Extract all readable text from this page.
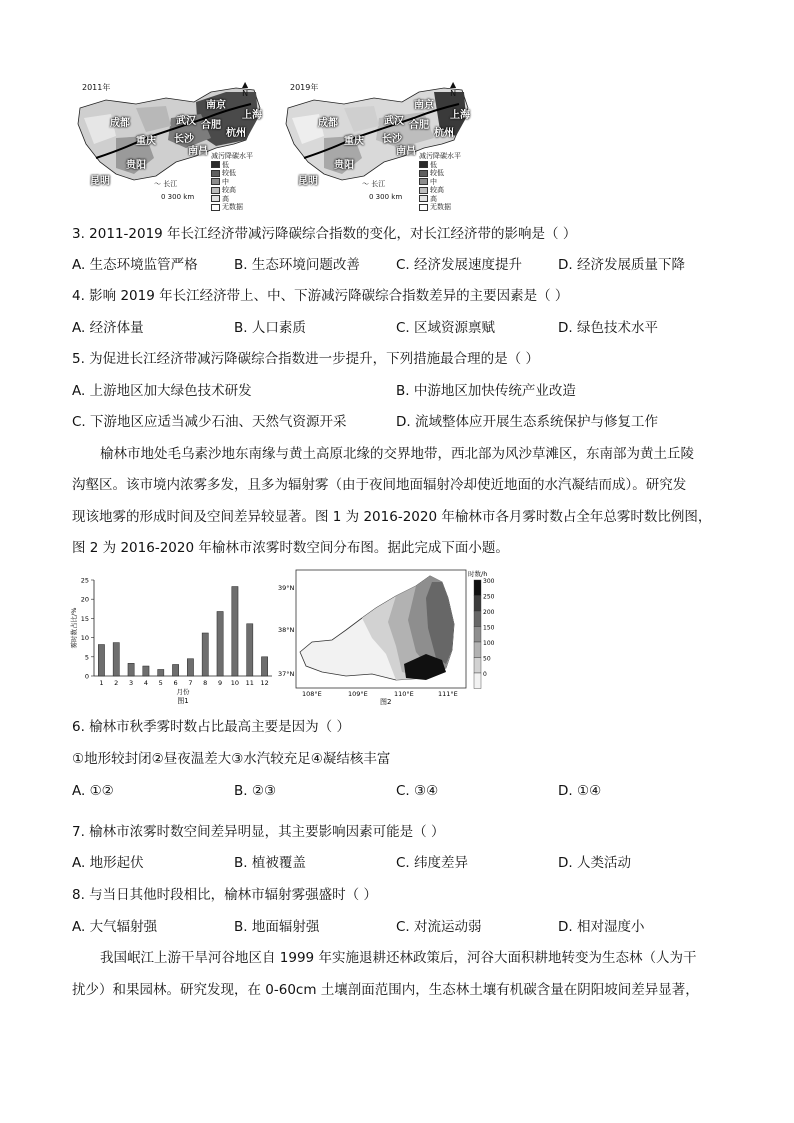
2011年	▲
N
南京
上海
成都	武汉 合肥
重庆 长沙
杭州
南昌
贵阳
昆明
减污降碳水平
低
较低
中
较高
高
无数据
〜 长江
0 300 km
2019年	▲
N
南京
上海
成都	武汉 合肥
重庆 长沙
杭州
南昌
贵阳
昆明
减污降碳水平
低
较低
中
较高
高
无数据
〜 长江
0 300 km
3. 2011-2019 年长江经济带减污降碳综合指数的变化，对长江经济带的影响是（ ）
A. 生态环境监管严格	B. 生态环境问题改善	C. 经济发展速度提升	D. 经济发展质量下降
4. 影响 2019 年长江经济带上、中、下游减污降碳综合指数差异的主要因素是（ ）
A. 经济体量	B. 人口素质	C. 区域资源禀赋	D. 绿色技术水平
5. 为促进长江经济带减污降碳综合指数进一步提升，下列措施最合理的是（ ）
A. 上游地区加大绿色技术研发	B. 中游地区加快传统产业改造
C. 下游地区应适当减少石油、天然气资源开采	D. 流域整体应开展生态系统保护与修复工作
榆林市地处毛乌素沙地东南缘与黄土高原北缘的交界地带，西北部为风沙草滩区，东南部为黄土丘陵
沟壑区。该市境内浓雾多发，且多为辐射雾（由于夜间地面辐射冷却使近地面的水汽凝结而成）。研究发
现该地雾的形成时间及空间差异较显著。图 1 为 2016-2020 年榆林市各月雾时数占全年总雾时数比例图，
图 2 为 2016-2020 年榆林市浓雾时数空间分布图。据此完成下面小题。
0
5
10
15
20
25
1 2 3 4 5 6 7 8 9 10 11 12
雾时数占比/%
月份
图1
39°N
38°N
37°N
108°E	109°E	110°E	111°E
图2
时数/h
300
250
200
150
100
50
0
6. 榆林市秋季雾时数占比最高主要是因为（ ）
①地形较封闭②昼夜温差大③水汽较充足④凝结核丰富
A. ①②	B. ②③	C. ③④	D. ①④
7. 榆林市浓雾时数空间差异明显，其主要影响因素可能是（ ）
A. 地形起伏	B. 植被覆盖	C. 纬度差异	D. 人类活动
8. 与当日其他时段相比，榆林市辐射雾强盛时（ ）
A. 大气辐射强	B. 地面辐射强	C. 对流运动弱	D. 相对湿度小
我国岷江上游干旱河谷地区自 1999 年实施退耕还林政策后，河谷大面积耕地转变为生态林（人为干
扰少）和果园林。研究发现，在 0-60cm 土壤剖面范围内，生态林土壤有机碳含量在阴阳坡间差异显著，
